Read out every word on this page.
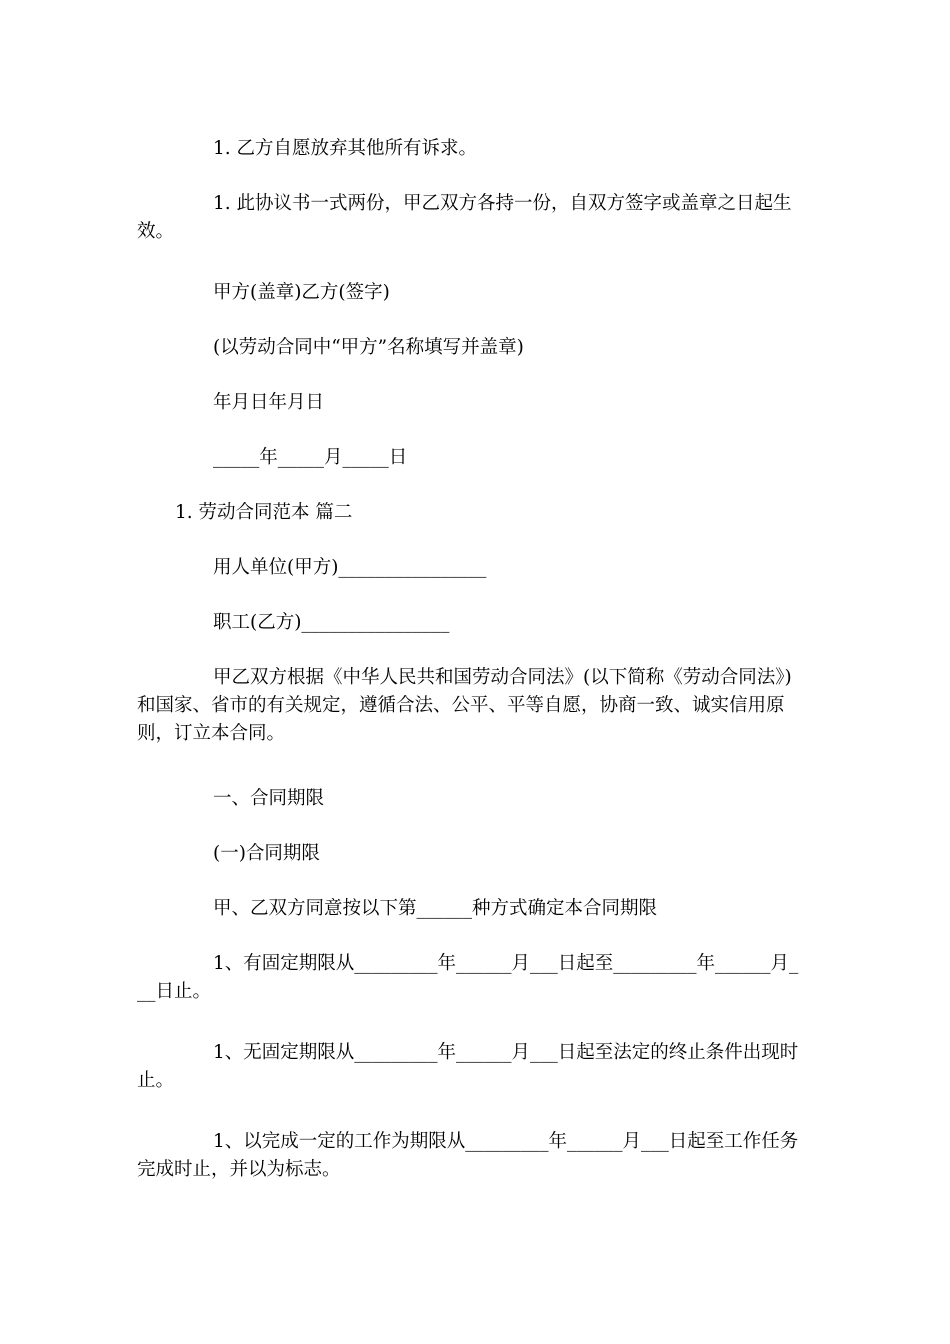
1. 乙方自愿放弃其他所有诉求。

1. 此协议书一式两份，甲乙双方各持一份，自双方签字或盖章之日起生效。

甲方(盖章)乙方(签字)

(以劳动合同中“甲方”名称填写并盖章)

年月日年月日

_____年_____月_____日

1. 劳动合同范本 篇二

用人单位(甲方)________________

职工(乙方)________________

甲乙双方根据《中华人民共和国劳动合同法》(以下简称《劳动合同法》)和国家、省市的有关规定，遵循合法、公平、平等自愿，协商一致、诚实信用原则，订立本合同。

一、合同期限

(一)合同期限

甲、乙双方同意按以下第______种方式确定本合同期限

1、有固定期限从_________年______月___日起至_________年______月___日止。

1、无固定期限从_________年______月___日起至法定的终止条件出现时止。

1、以完成一定的工作为期限从_________年______月___日起至工作任务完成时止，并以为标志。
